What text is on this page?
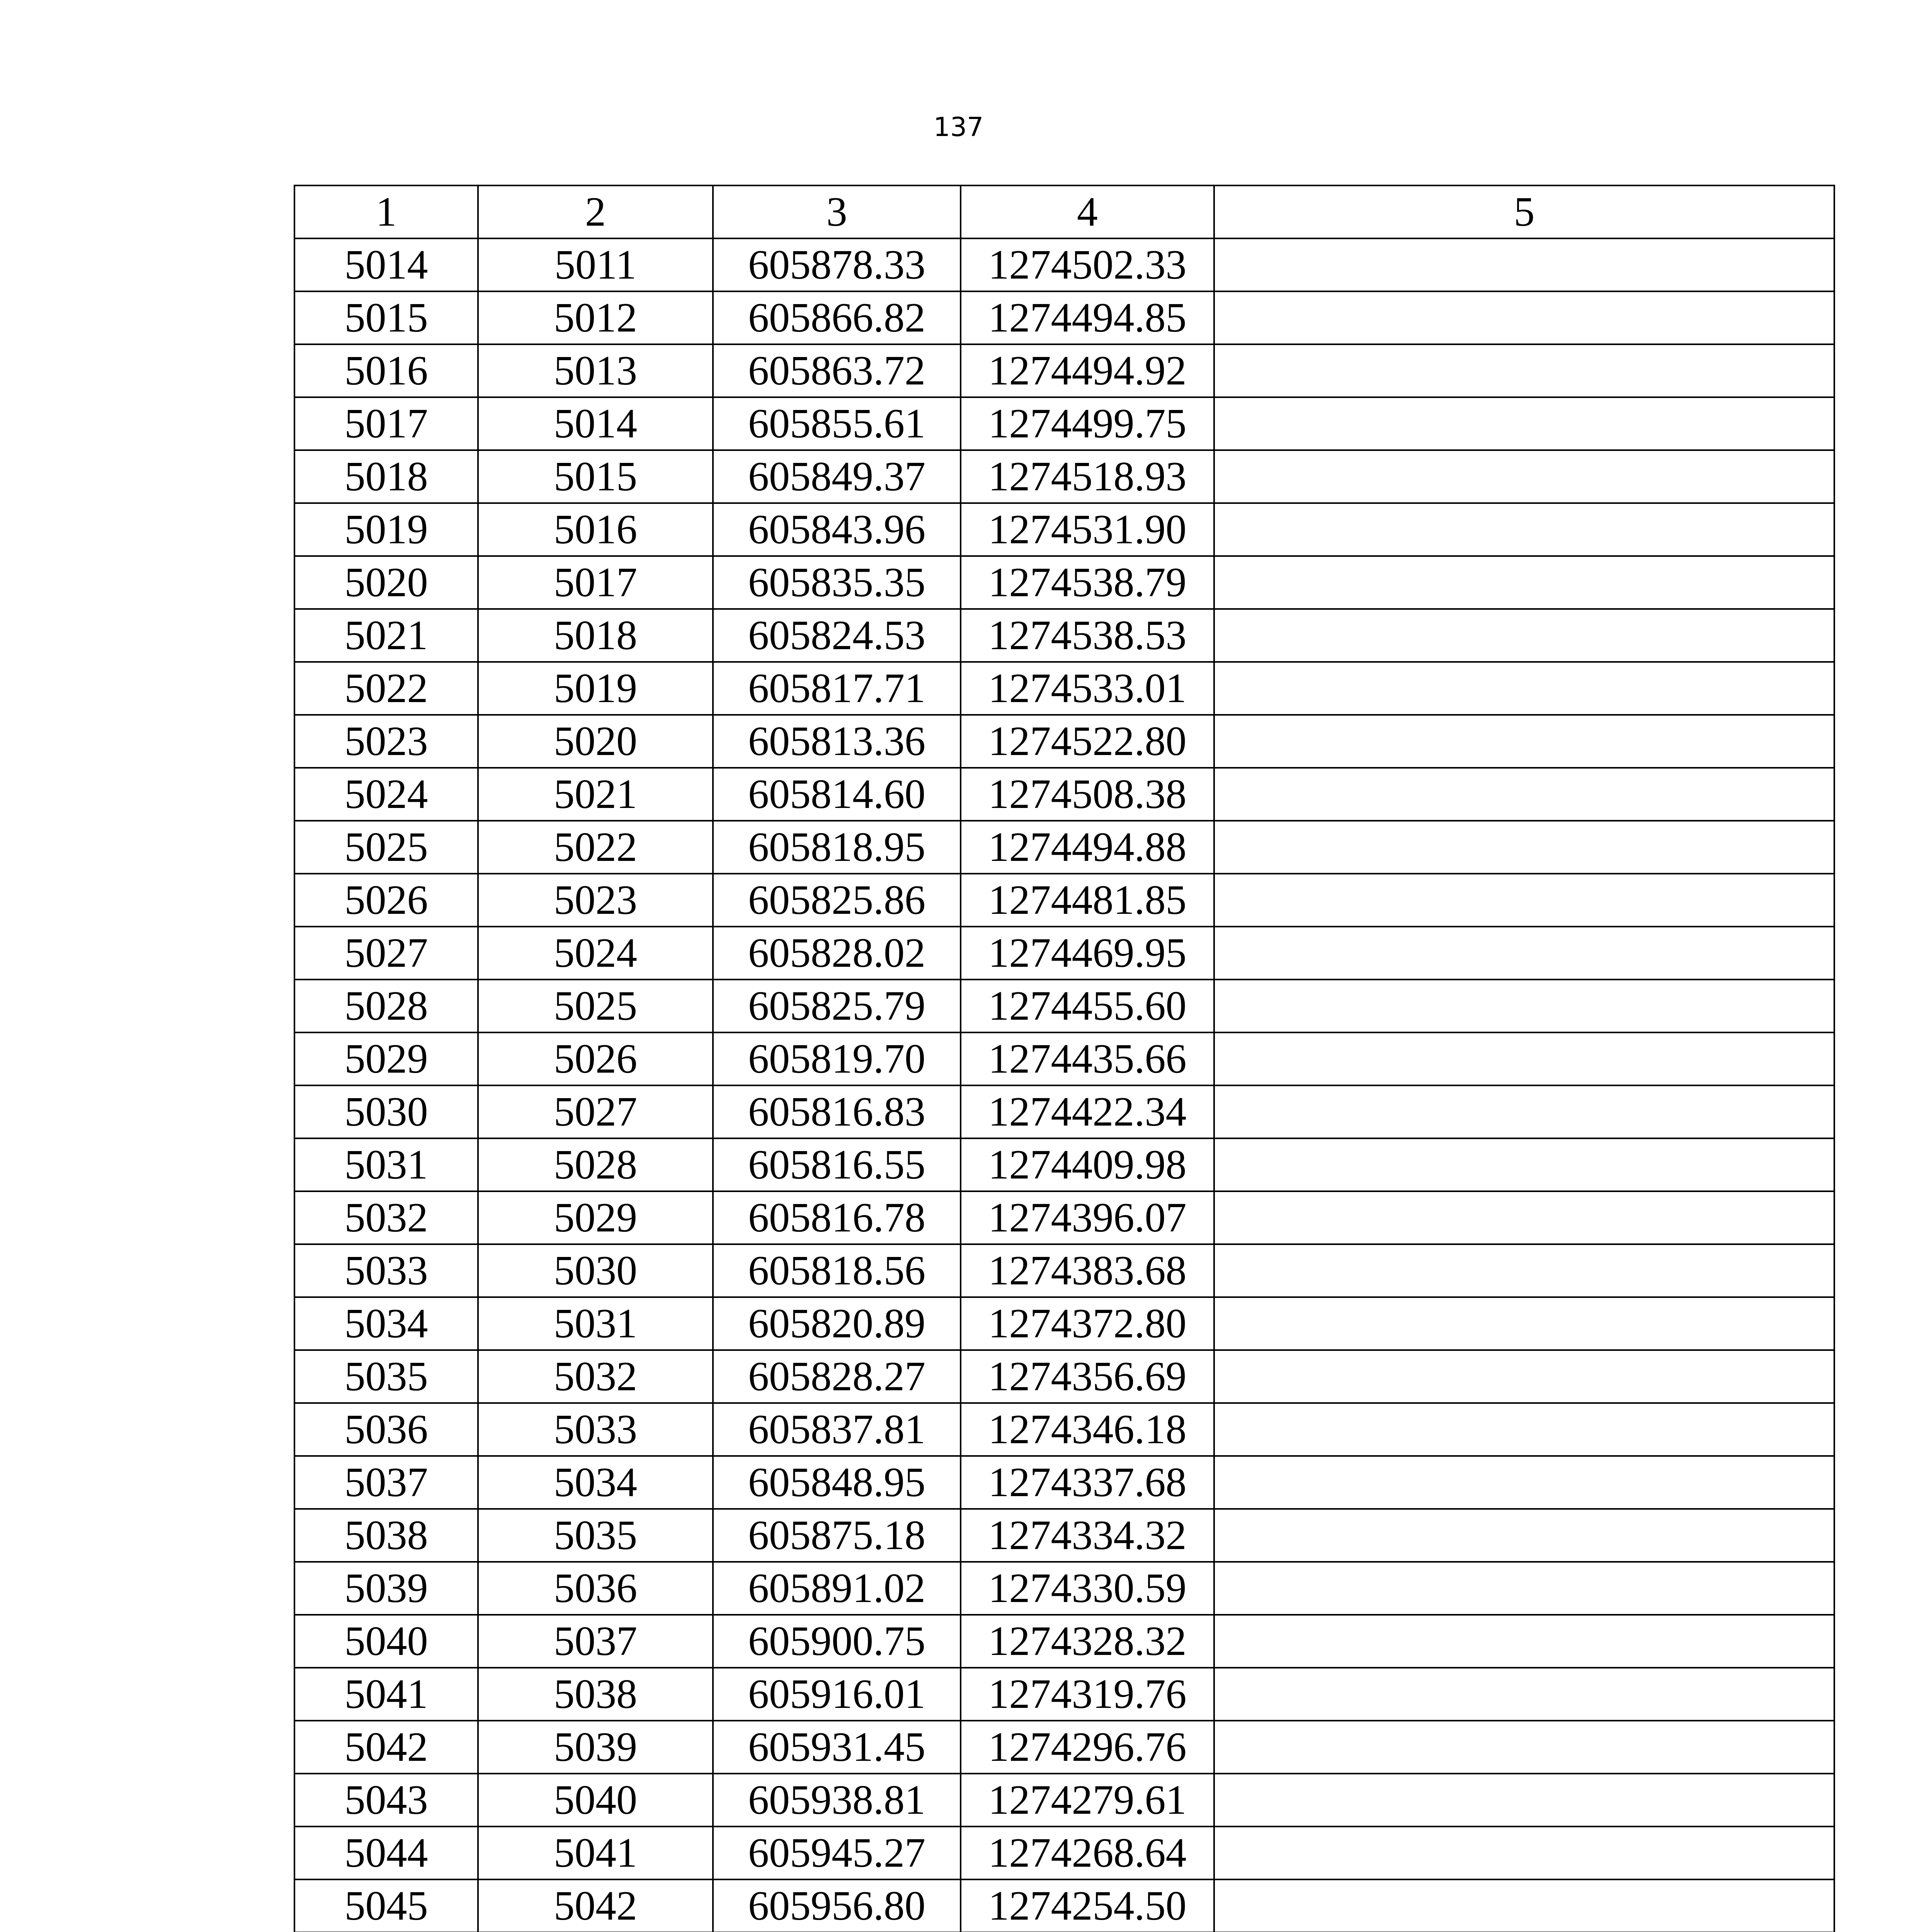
137
1	2	3	4	5
5014	5011	605878.33	1274502.33	
5015	5012	605866.82	1274494.85	
5016	5013	605863.72	1274494.92	
5017	5014	605855.61	1274499.75	
5018	5015	605849.37	1274518.93	
5019	5016	605843.96	1274531.90	
5020	5017	605835.35	1274538.79	
5021	5018	605824.53	1274538.53	
5022	5019	605817.71	1274533.01	
5023	5020	605813.36	1274522.80	
5024	5021	605814.60	1274508.38	
5025	5022	605818.95	1274494.88	
5026	5023	605825.86	1274481.85	
5027	5024	605828.02	1274469.95	
5028	5025	605825.79	1274455.60	
5029	5026	605819.70	1274435.66	
5030	5027	605816.83	1274422.34	
5031	5028	605816.55	1274409.98	
5032	5029	605816.78	1274396.07	
5033	5030	605818.56	1274383.68	
5034	5031	605820.89	1274372.80	
5035	5032	605828.27	1274356.69	
5036	5033	605837.81	1274346.18	
5037	5034	605848.95	1274337.68	
5038	5035	605875.18	1274334.32	
5039	5036	605891.02	1274330.59	
5040	5037	605900.75	1274328.32	
5041	5038	605916.01	1274319.76	
5042	5039	605931.45	1274296.76	
5043	5040	605938.81	1274279.61	
5044	5041	605945.27	1274268.64	
5045	5042	605956.80	1274254.50	
